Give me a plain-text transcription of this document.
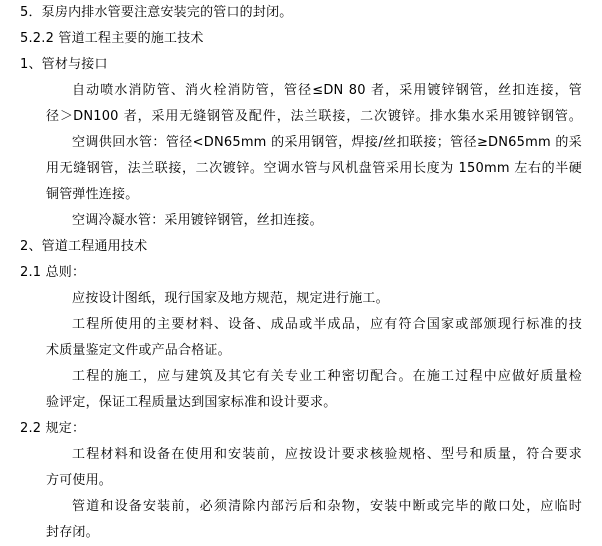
5．泵房内排水管要注意安装完的管口的封闭。
5.2.2 管道工程主要的施工技术
1、管材与接口
自动喷水消防管、消火栓消防管，管径≤DN 80 者，采用镀锌钢管，丝扣连接，管
径＞DN100 者，采用无缝钢管及配件，法兰联接，二次镀锌。排水集水采用镀锌钢管。
空调供回水管：管径<DN65mm 的采用钢管，焊接/丝扣联接；管径≥DN65mm 的采
用无缝钢管，法兰联接，二次镀锌。空调水管与风机盘管采用长度为 150mm 左右的半硬
铜管弹性连接。
空调冷凝水管：采用镀锌钢管，丝扣连接。
2、管道工程通用技术
2.1 总则：
应按设计图纸，现行国家及地方规范，规定进行施工。
工程所使用的主要材料、设备、成品或半成品，应有符合国家或部颁现行标准的技
术质量鉴定文件或产品合格证。
工程的施工，应与建筑及其它有关专业工种密切配合。在施工过程中应做好质量检
验评定，保证工程质量达到国家标准和设计要求。
2.2 规定：
工程材料和设备在使用和安装前，应按设计要求核验规格、型号和质量，符合要求
方可使用。
管道和设备安装前，必须清除内部污后和杂物，安装中断或完毕的敞口处，应临时
封存闭。
